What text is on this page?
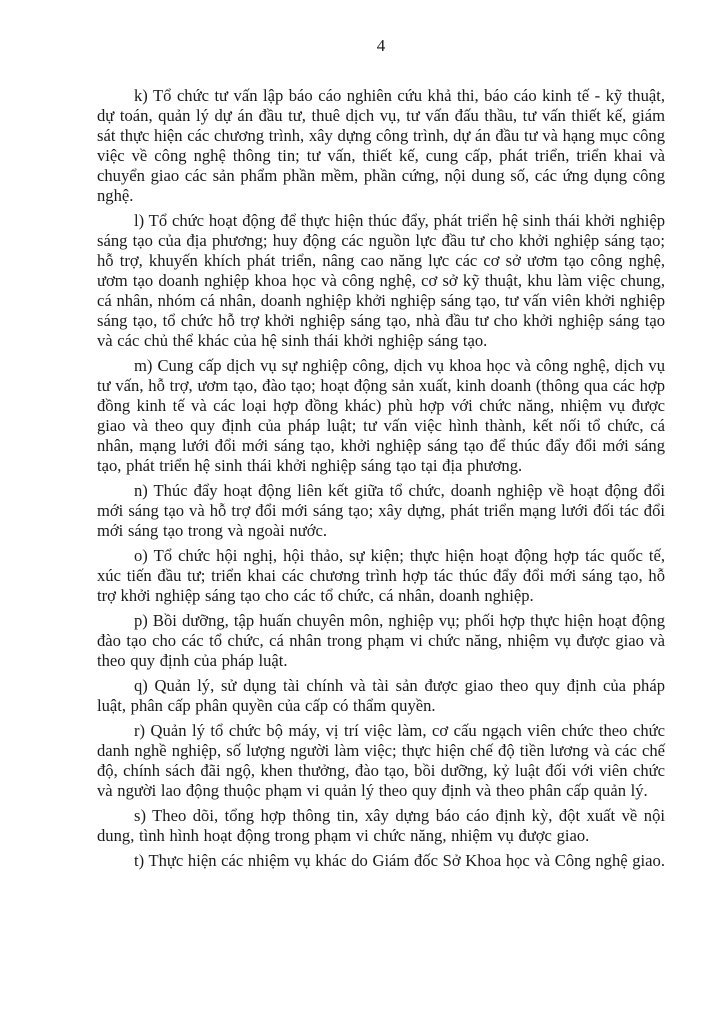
4

k) Tổ chức tư vấn lập báo cáo nghiên cứu khả thi, báo cáo kinh tế - kỹ thuật, dự toán, quản lý dự án đầu tư, thuê dịch vụ, tư vấn đấu thầu, tư vấn thiết kế, giám sát thực hiện các chương trình, xây dựng công trình, dự án đầu tư và hạng mục công việc về công nghệ thông tin; tư vấn, thiết kế, cung cấp, phát triển, triển khai và chuyển giao các sản phẩm phần mềm, phần cứng, nội dung số, các ứng dụng công nghệ.

l) Tổ chức hoạt động để thực hiện thúc đẩy, phát triển hệ sinh thái khởi nghiệp sáng tạo của địa phương; huy động các nguồn lực đầu tư cho khởi nghiệp sáng tạo; hỗ trợ, khuyến khích phát triển, nâng cao năng lực các cơ sở ươm tạo công nghệ, ươm tạo doanh nghiệp khoa học và công nghệ, cơ sở kỹ thuật, khu làm việc chung, cá nhân, nhóm cá nhân, doanh nghiệp khởi nghiệp sáng tạo, tư vấn viên khởi nghiệp sáng tạo, tổ chức hỗ trợ khởi nghiệp sáng tạo, nhà đầu tư cho khởi nghiệp sáng tạo và các chủ thể khác của hệ sinh thái khởi nghiệp sáng tạo.

m) Cung cấp dịch vụ sự nghiệp công, dịch vụ khoa học và công nghệ, dịch vụ tư vấn, hỗ trợ, ươm tạo, đào tạo; hoạt động sản xuất, kinh doanh (thông qua các hợp đồng kinh tế và các loại hợp đồng khác) phù hợp với chức năng, nhiệm vụ được giao và theo quy định của pháp luật; tư vấn việc hình thành, kết nối tổ chức, cá nhân, mạng lưới đổi mới sáng tạo, khởi nghiệp sáng tạo để thúc đẩy đổi mới sáng tạo, phát triển hệ sinh thái khởi nghiệp sáng tạo tại địa phương.

n) Thúc đẩy hoạt động liên kết giữa tổ chức, doanh nghiệp về hoạt động đổi mới sáng tạo và hỗ trợ đổi mới sáng tạo; xây dựng, phát triển mạng lưới đối tác đổi mới sáng tạo trong và ngoài nước.

o) Tổ chức hội nghị, hội thảo, sự kiện; thực hiện hoạt động hợp tác quốc tế, xúc tiến đầu tư; triển khai các chương trình hợp tác thúc đẩy đổi mới sáng tạo, hỗ trợ khởi nghiệp sáng tạo cho các tổ chức, cá nhân, doanh nghiệp.

p) Bồi dưỡng, tập huấn chuyên môn, nghiệp vụ; phối hợp thực hiện hoạt động đào tạo cho các tổ chức, cá nhân trong phạm vi chức năng, nhiệm vụ được giao và theo quy định của pháp luật.

q) Quản lý, sử dụng tài chính và tài sản được giao theo quy định của pháp luật, phân cấp phân quyền của cấp có thẩm quyền.

r) Quản lý tổ chức bộ máy, vị trí việc làm, cơ cấu ngạch viên chức theo chức danh nghề nghiệp, số lượng người làm việc; thực hiện chế độ tiền lương và các chế độ, chính sách đãi ngộ, khen thưởng, đào tạo, bồi dưỡng, kỷ luật đối với viên chức và người lao động thuộc phạm vi quản lý theo quy định và theo phân cấp quản lý.

s) Theo dõi, tổng hợp thông tin, xây dựng báo cáo định kỳ, đột xuất về nội dung, tình hình hoạt động trong phạm vi chức năng, nhiệm vụ được giao.

t) Thực hiện các nhiệm vụ khác do Giám đốc Sở Khoa học và Công nghệ giao.
